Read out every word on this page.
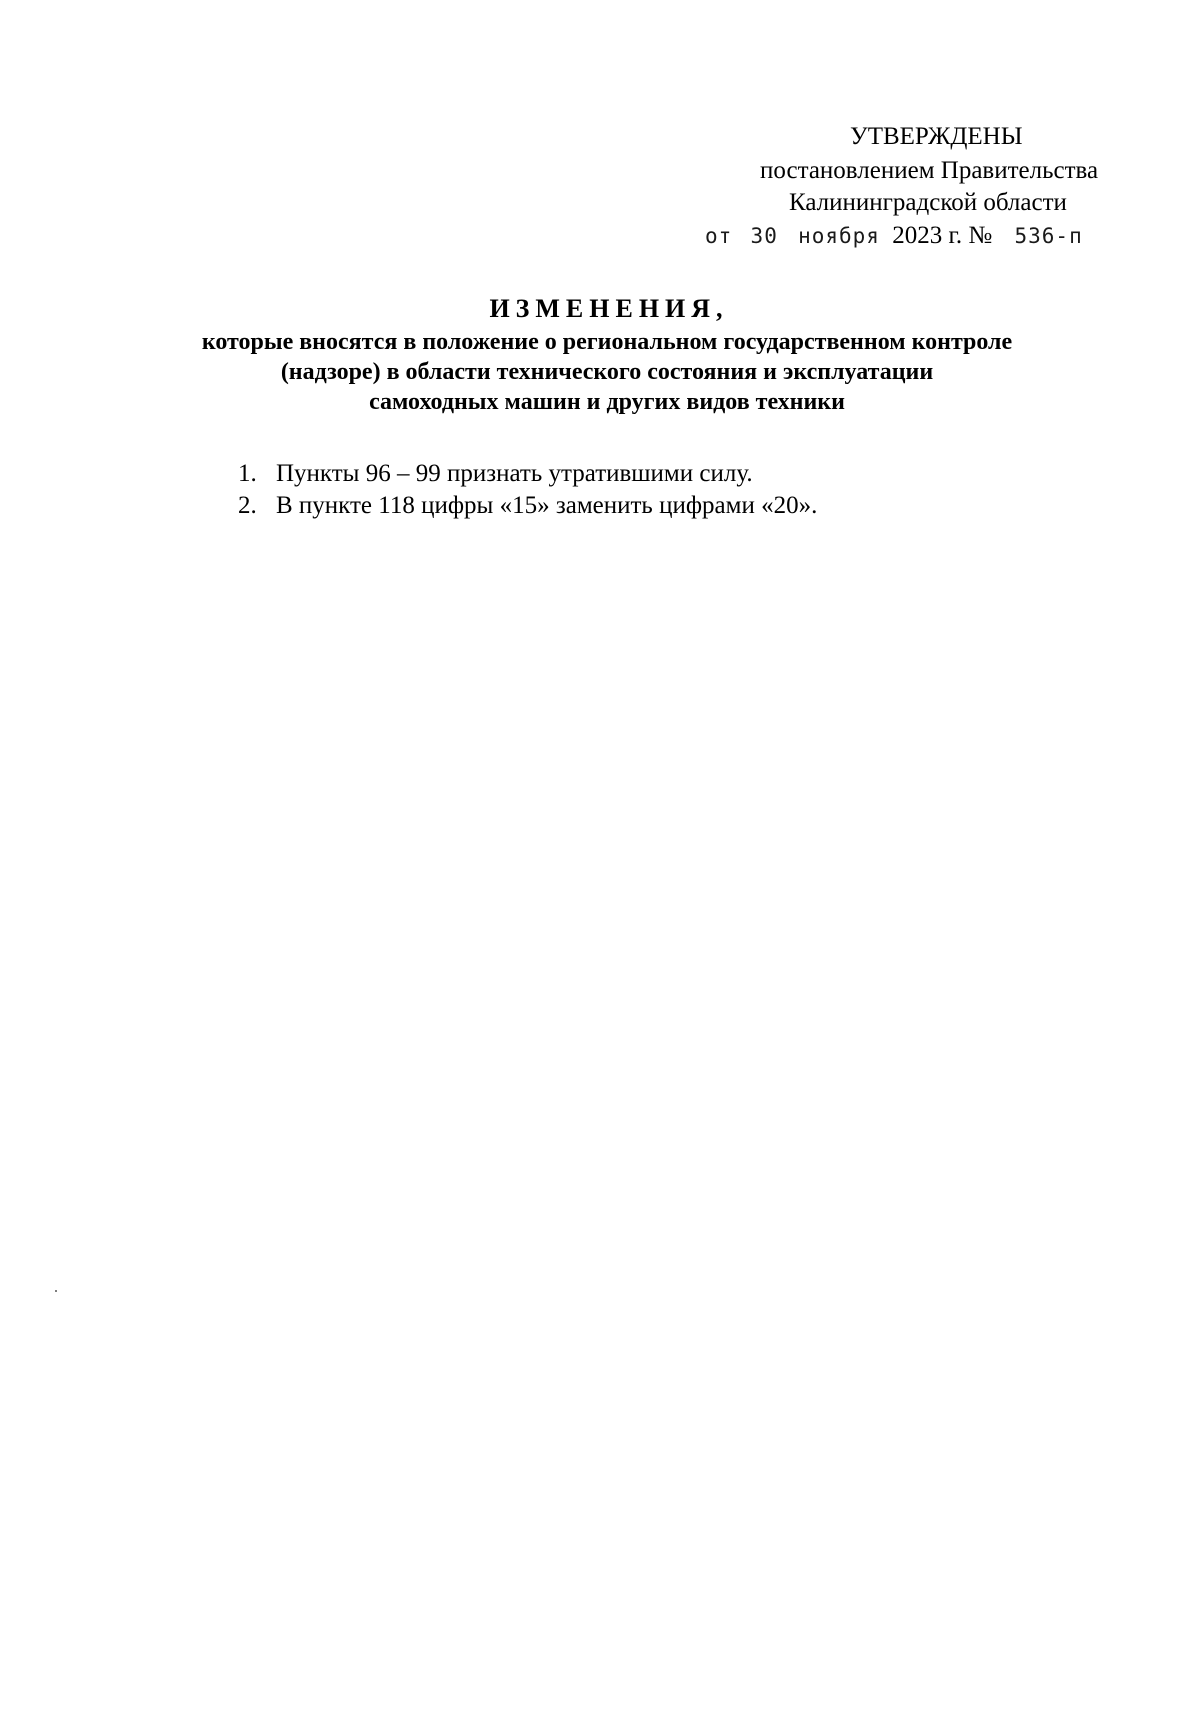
УТВЕРЖДЕНЫ
постановлением Правительства
Калининградской области
от 30 ноября 2023 г. № 536-п
ИЗМЕНЕНИЯ,
которые вносятся в положение о региональном государственном контроле
(надзоре) в области технического состояния и эксплуатации
самоходных машин и других видов техники
1. Пункты 96 – 99 признать утратившими силу.
2. В пункте 118 цифры «15» заменить цифрами «20».
